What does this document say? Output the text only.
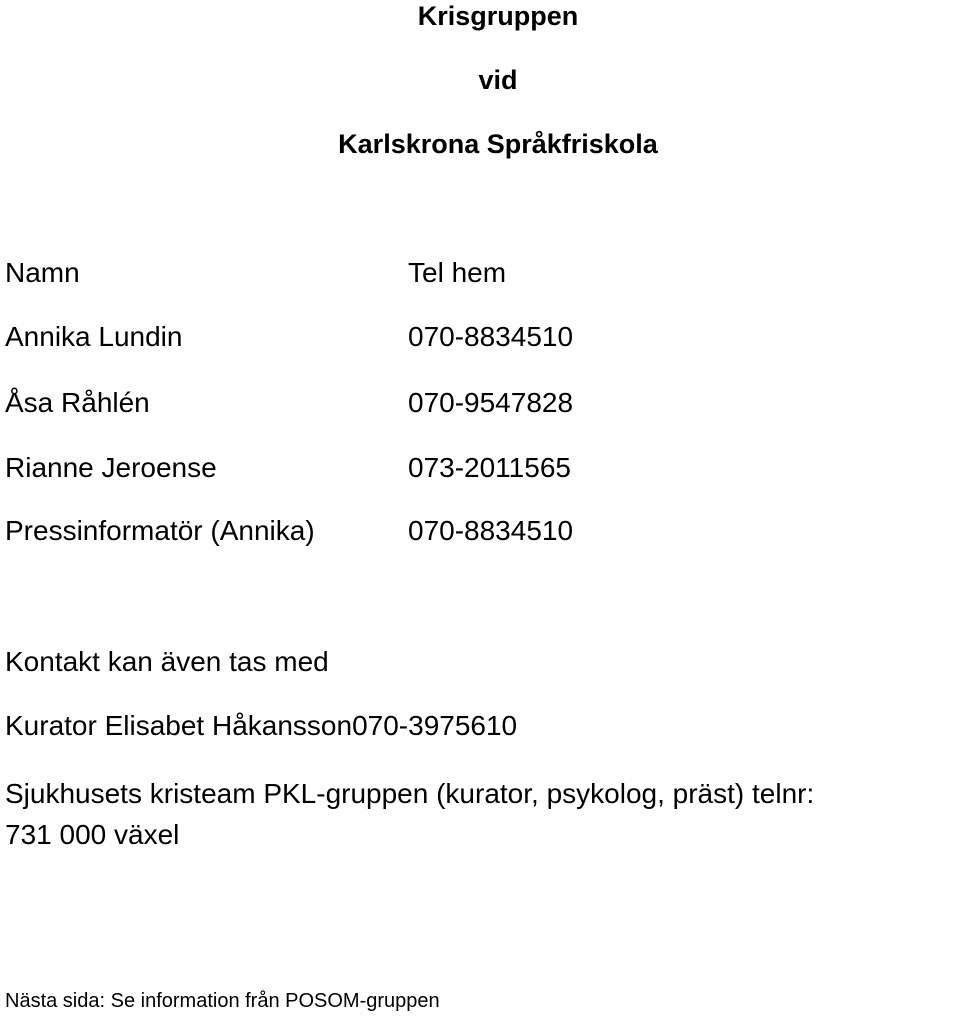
Krisgruppen
vid
Karlskrona Språkfriskola
Namn	Tel hem
Annika Lundin	070-8834510
Åsa Råhlén	070-9547828
Rianne Jeroense	073-2011565
Pressinformatör (Annika)	070-8834510
Kontakt kan även tas med
Kurator Elisabet Håkansson070-3975610
Sjukhusets kristeam PKL-gruppen (kurator, psykolog, präst) telnr:
731 000 växel
Nästa sida: Se information från POSOM-gruppen
